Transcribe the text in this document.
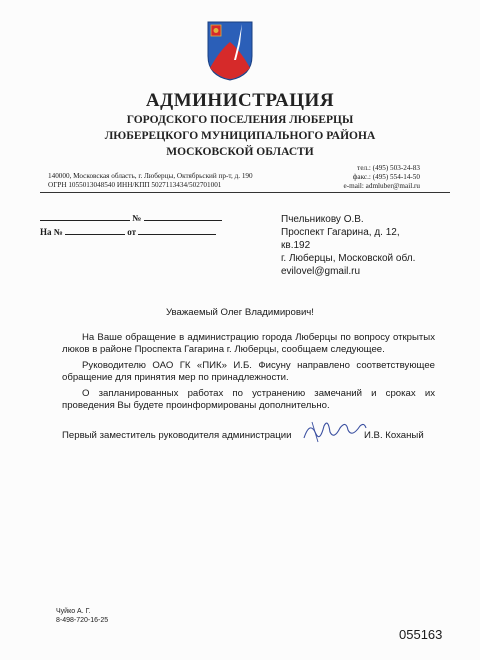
АДМИНИСТРАЦИЯ
ГОРОДСКОГО ПОСЕЛЕНИЯ ЛЮБЕРЦЫ
ЛЮБЕРЕЦКОГО МУНИЦИПАЛЬНОГО РАЙОНА
МОСКОВСКОЙ ОБЛАСТИ
140000, Московская область, г. Люберцы, Октябрьский пр-т, д. 190
ОГРН 1055013048540 ИНН/КПП 5027113434/502701001
тел.: (495) 503-24-83
факс.: (495) 554-14-50
e-mail: admluber@mail.ru
№
На №	от
Пчельникову О.В.
Проспект Гагарина, д. 12,
кв.192
г. Люберцы, Московской обл.
evilovel@gmail.ru
Уважаемый Олег Владимирович!

На Ваше обращение в администрацию города Люберцы по вопросу открытых люков в районе Проспекта Гагарина г. Люберцы, сообщаем следующее.

Руководителю ОАО ГК «ПИК» И.Б. Фисуну направлено соответствующее обращение для принятия мер по принадлежности.

О запланированных работах по устранению замечаний и сроках их проведения Вы будете проинформированы дополнительно.

Первый заместитель руководителя администрации	И.В. Коханый
Чуйко А. Г.
8-498-720-16-25
055163
